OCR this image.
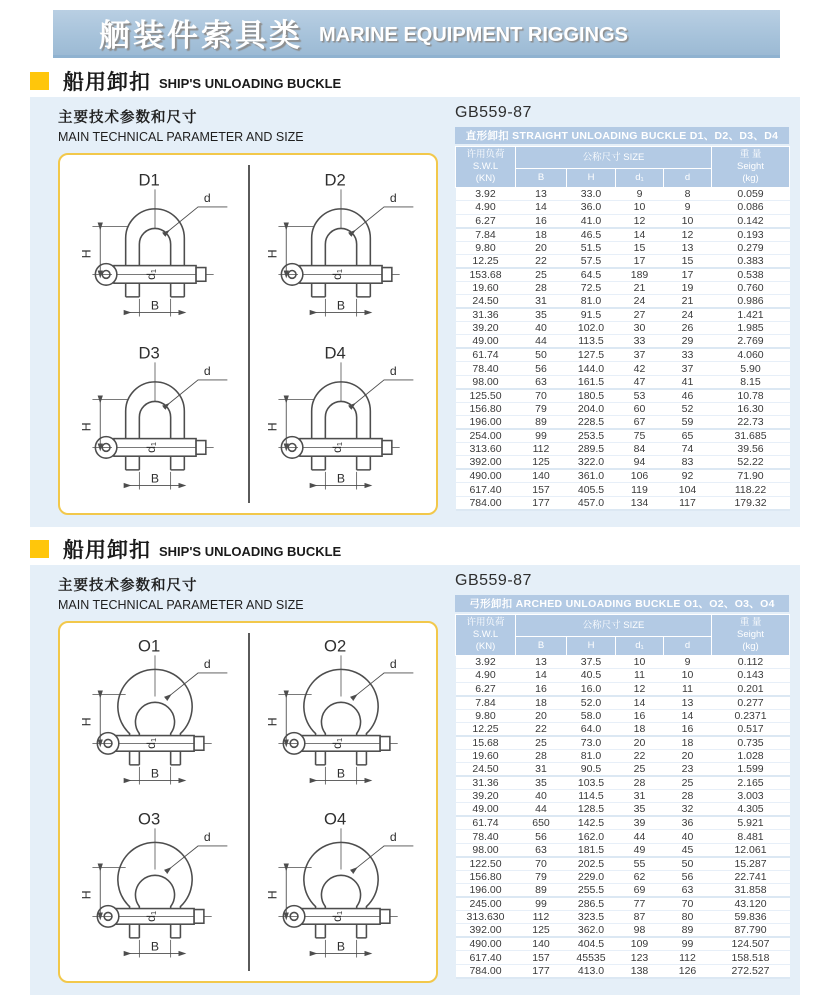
舾装件索具类 MARINE EQUIPMENT RIGGINGS
船用卸扣 SHIP'S UNLOADING BUCKLE
主要技术参数和尺寸
MAIN TECHNICAL PARAMETER AND SIZE
D1
H
B
d
d₁
D2
H
B
d
d₁
D3
H
B
d
d₁
D4
H
B
d
d₁
GB559-87
直形卸扣 STRAIGHT UNLOADING BUCKLE D1、D2、D3、D4
许用负荷
S.W.L
(KN)	公称尺寸 SIZE				重 量
Seight
(kg)
	B	H	d₁	d	
3.92	13	33.0	9	8	0.059
4.90	14	36.0	10	9	0.086
6.27	16	41.0	12	10	0.142
7.84	18	46.5	14	12	0.193
9.80	20	51.5	15	13	0.279
12.25	22	57.5	17	15	0.383
153.68	25	64.5	189	17	0.538
19.60	28	72.5	21	19	0.760
24.50	31	81.0	24	21	0.986
31.36	35	91.5	27	24	1.421
39.20	40	102.0	30	26	1.985
49.00	44	113.5	33	29	2.769
61.74	50	127.5	37	33	4.060
78.40	56	144.0	42	37	5.90
98.00	63	161.5	47	41	8.15
125.50	70	180.5	53	46	10.78
156.80	79	204.0	60	52	16.30
196.00	89	228.5	67	59	22.73
254.00	99	253.5	75	65	31.685
313.60	112	289.5	84	74	39.56
392.00	125	322.0	94	83	52.22
490.00	140	361.0	106	92	71.90
617.40	157	405.5	119	104	118.22
784.00	177	457.0	134	117	179.32
船用卸扣 SHIP'S UNLOADING BUCKLE
主要技术参数和尺寸
MAIN TECHNICAL PARAMETER AND SIZE
O1
H
B
d
d₁
O2
H
B
d
d₁
O3
H
B
d
d₁
O4
H
B
d
d₁
GB559-87
弓形卸扣 ARCHED UNLOADING BUCKLE O1、O2、O3、O4
许用负荷
S.W.L
(KN)	公称尺寸 SIZE				重 量
Seight
(kg)
	B	H	d₁	d	
3.92	13	37.5	10	9	0.112
4.90	14	40.5	11	10	0.143
6.27	16	16.0	12	11	0.201
7.84	18	52.0	14	13	0.277
9.80	20	58.0	16	14	0.2371
12.25	22	64.0	18	16	0.517
15.68	25	73.0	20	18	0.735
19.60	28	81.0	22	20	1.028
24.50	31	90.5	25	23	1.599
31.36	35	103.5	28	25	2.165
39.20	40	114.5	31	28	3.003
49.00	44	128.5	35	32	4.305
61.74	650	142.5	39	36	5.921
78.40	56	162.0	44	40	8.481
98.00	63	181.5	49	45	12.061
122.50	70	202.5	55	50	15.287
156.80	79	229.0	62	56	22.741
196.00	89	255.5	69	63	31.858
245.00	99	286.5	77	70	43.120
313.630	112	323.5	87	80	59.836
392.00	125	362.0	98	89	87.790
490.00	140	404.5	109	99	124.507
617.40	157	45535	123	112	158.518
784.00	177	413.0	138	126	272.527
